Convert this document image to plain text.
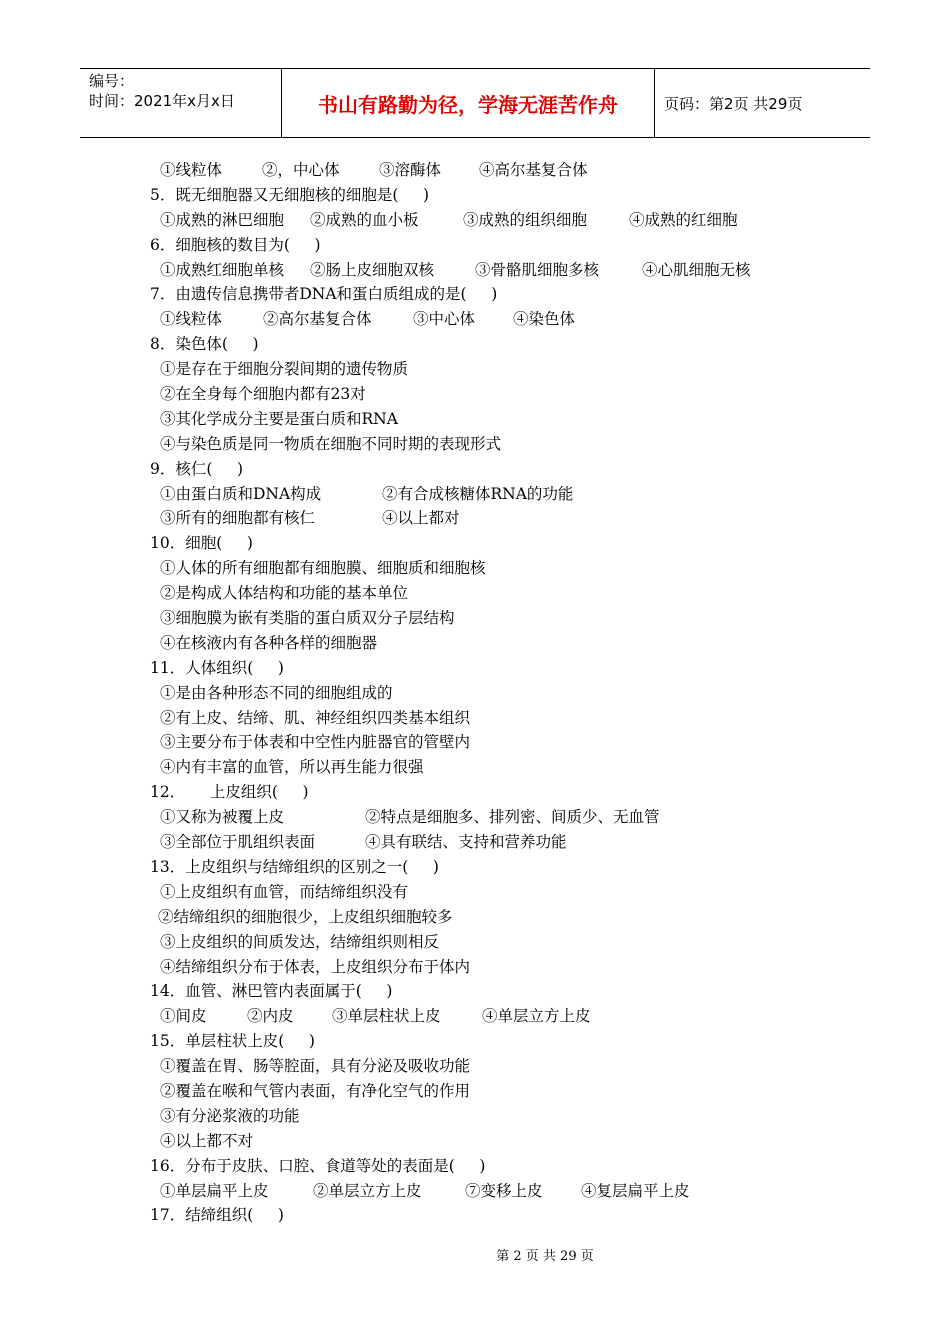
编号：
时间：2021年x月x日	书山有路勤为径，学海无涯苦作舟	页码：第2页 共29页
①线粒体	②，中心体	③溶酶体	④高尔基复合体
5．既无细胞器又无细胞核的细胞是(     )
①成熟的淋巴细胞	②成熟的血小板	③成熟的组织细胞	④成熟的红细胞
6．细胞核的数目为(     )
①成熟红细胞单核	②肠上皮细胞双核	③骨骼肌细胞多核	④心肌细胞无核
7．由遗传信息携带者DNA和蛋白质组成的是(     )
①线粒体	②高尔基复合体	③中心体	④染色体
8．染色体(     )
①是存在于细胞分裂间期的遗传物质
②在全身每个细胞内都有23对
③其化学成分主要是蛋白质和RNA
④与染色质是同一物质在细胞不同时期的表现形式
9．核仁(     )
①由蛋白质和DNA构成	②有合成核糖体RNA的功能
③所有的细胞都有核仁	④以上都对
10．细胞(     )
①人体的所有细胞都有细胞膜、细胞质和细胞核
②是构成人体结构和功能的基本单位
③细胞膜为嵌有类脂的蛋白质双分子层结构
④在核液内有各种各样的细胞器
11．人体组织(     )
①是由各种形态不同的细胞组成的
②有上皮、结缔、肌、神经组织四类基本组织
③主要分布于体表和中空性内脏器官的管壁内
④内有丰富的血管，所以再生能力很强
12．     上皮组织(     )
①又称为被覆上皮	②特点是细胞多、排列密、间质少、无血管
③全部位于肌组织表面	④具有联结、支持和营养功能
13．上皮组织与结缔组织的区别之一(     )
①上皮组织有血管，而结缔组织没有
②结缔组织的细胞很少，上皮组织细胞较多
③上皮组织的间质发达，结缔组织则相反
④结缔组织分布于体表，上皮组织分布于体内
14．血管、淋巴管内表面属于(     )
①间皮	②内皮	③单层柱状上皮	④单层立方上皮
15．单层柱状上皮(     )
①覆盖在胃、肠等腔面，具有分泌及吸收功能
②覆盖在喉和气管内表面，有净化空气的作用
③有分泌浆液的功能
④以上都不对
16．分布于皮肤、口腔、食道等处的表面是(     )
①单层扁平上皮	②单层立方上皮	⑦变移上皮	④复层扁平上皮
17．结缔组织(     )
第 2 页 共 29 页
